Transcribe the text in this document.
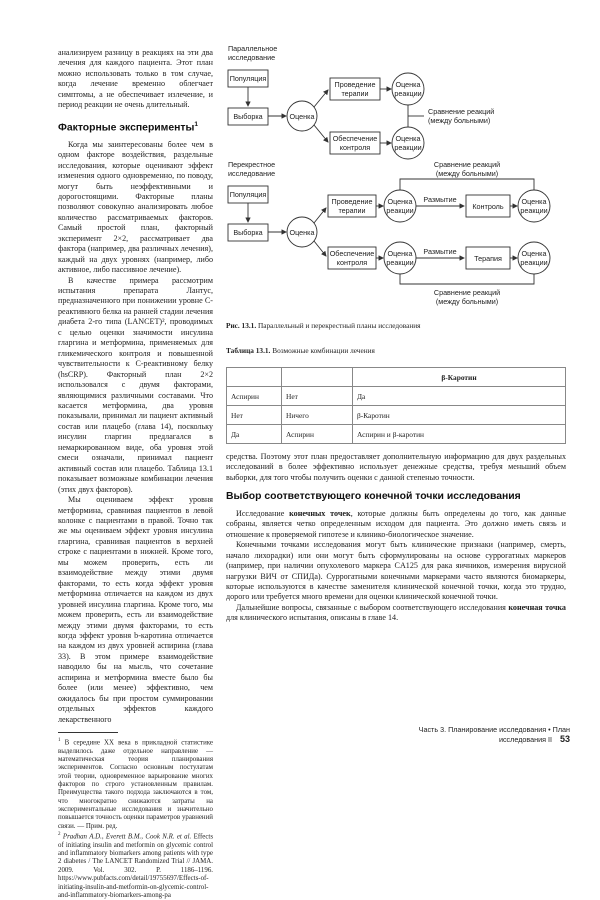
анализируем разницу в реакциях на эти два лечения для каждого пациента. Этот план можно использовать только в том случае, когда лечение временно облегчает симптомы, а не обеспечивает излечение, и период реакции не очень длительный.

Факторные эксперименты$^1$

Когда мы заинтересованы более чем в одном факторе воздействия, раздельные исследования, которые оценивают эффект изменения одного одновременно, по поводу, могут быть неэффективными и дорогостоящими. Факторные планы позволяют совокупно анализировать любое количество рассматриваемых факторов. Самый простой план, факторный эксперимент 2×2, рассматривает два фактора (например, два различных лечения), каждый на двух уровнях (например, либо активное, либо пассивное лечение).

В качестве примера рассмотрим испытания препарата Лантус, предназначенного при понижении уровне С-реактивного белка на ранней стадии лечения диабета 2-го типа (LANCET)², проводимых с целью оценки значимости инсулина гларгина и метформина, применяемых для гликемического контроля и повышенной чувствительности к С-реактивному белку (hsCRP). Факторный план 2×2 использовался с двумя факторами, являющимися различными составами. Что касается метформина, два уровня показывали, принимал ли пациент активный состав или плацебо (глава 14), поскольку инсулин гларгин предлагался в немаркированном виде, оба уровня этой смеси означали, принимал пациент активный состав или плацебо. Таблица 13.1 показывает возможные комбинации лечения (этих двух факторов).

Мы оцениваем эффект уровня метформина, сравнивая пациентов в левой колонке с пациентами в правой. Точно так же мы оцениваем эффект уровня инсулина гларгина, сравнивая пациентов в верхней строке с пациентами в нижней. Кроме того, мы можем проверить, есть ли взаимодействие между этими двумя факторами, то есть когда эффект уровня метформина отличается на каждом из двух уровней инсулина гларгина. Кроме того, мы можем проверить, есть ли взаимодействие между этими двумя факторами, то есть когда эффект уровня b-каротина отличается на каждом из двух уровней аспирина (глава 33). В этом примере взаимодействие наводило бы на мысль, что сочетание аспирина и метформина вместе было бы более (или менее) эффективно, чем ожидалось бы при простом суммировании отдельных эффектов каждого лекарственного

$^1$ В середине XX века в прикладной статистике выделилось даже отдельное направление — математическая теория планирования экспериментов. Согласно основным постулатам этой теории, одновременное варьирование многих факторов по строго установленным правилам. Преимущества такого подхода заключаются в том, что многократно снижаются затраты на экспериментальные исследования и значительно повышается точность оценки параметров уравнений связи. — Прим. ред.

$^2$ Pradhan A.D., Everett B.M., Cook N.R. et al. Effects of initiating insulin and metformin on glycemic control and inflammatory biomarkers among patients with type 2 diabetes / The LANCET Randomized Trial // JAMA. 2009. Vol. 302. P. 1186–1196. https://www.pubfacts.com/detail/19755697/Effects-of-initiating-insulin-and-metformin-on-glycemic-control-and-inflammatory-biomarkers-among-pa

Параллельное
исследование
Популяция
Выборка	Оценка
Проведение
терапии
Обеспечение
контроля
Оценка
реакции
Оценка
реакции
Сравнение реакций
(между больными)
Перекрестное
исследование
Популяция
Выборка	Оценка
Проведение
терапии
Обеспечение
контроля
Оценка
реакции
Оценка
реакции
Размытие
Размытие
Контроль
Терапия
Оценка
реакции
Оценка
реакции
Сравнение реакций
(между больными)
Сравнение реакций
(между больными)
Рис. 13.1. Параллельный и перекрестный планы исследования
Таблица 13.1. Возможные комбинации лечения
		β-Каротин
Аспирин	Нет	Да
Нет	Ничего	β-Каротин
Да	Аспирин	Аспирин и β-каротин

средства. Поэтому этот план предоставляет дополнительную информацию для двух раздельных исследований в более эффективно использует денежные средства, требуя меньший объем выборки, для того чтобы получить оценки с данной степенью точности.

Выбор соответствующего конечной точки исследования

Исследование конечных точек, которые должны быть определены до того, как данные собраны, является четко определенным исходом для пациента. Это должно иметь связь и отношение к проверяемой гипотезе и клинико-биологическое значение.

Конечными точками исследования могут быть клинические признаки (например, смерть, начало лихорадки) или они могут быть сформулированы на основе суррогатных маркеров (например, при наличии опухолевого маркера CA125 для рака яичников, измерения вирусной нагрузки ВИЧ от СПИДа). Суррогатными конечными маркерами часто являются биомаркеры, которые используются в качестве заменителя клинической конечной точки, когда это трудно, дорого или требуется много времени для оценки клинической конечной точки.

Дальнейшие вопросы, связанные с выбором соответствующего исследования конечная точка для клинического испытания, описаны в главе 14.

Часть 3. Планирование исследования • План исследования II 53
